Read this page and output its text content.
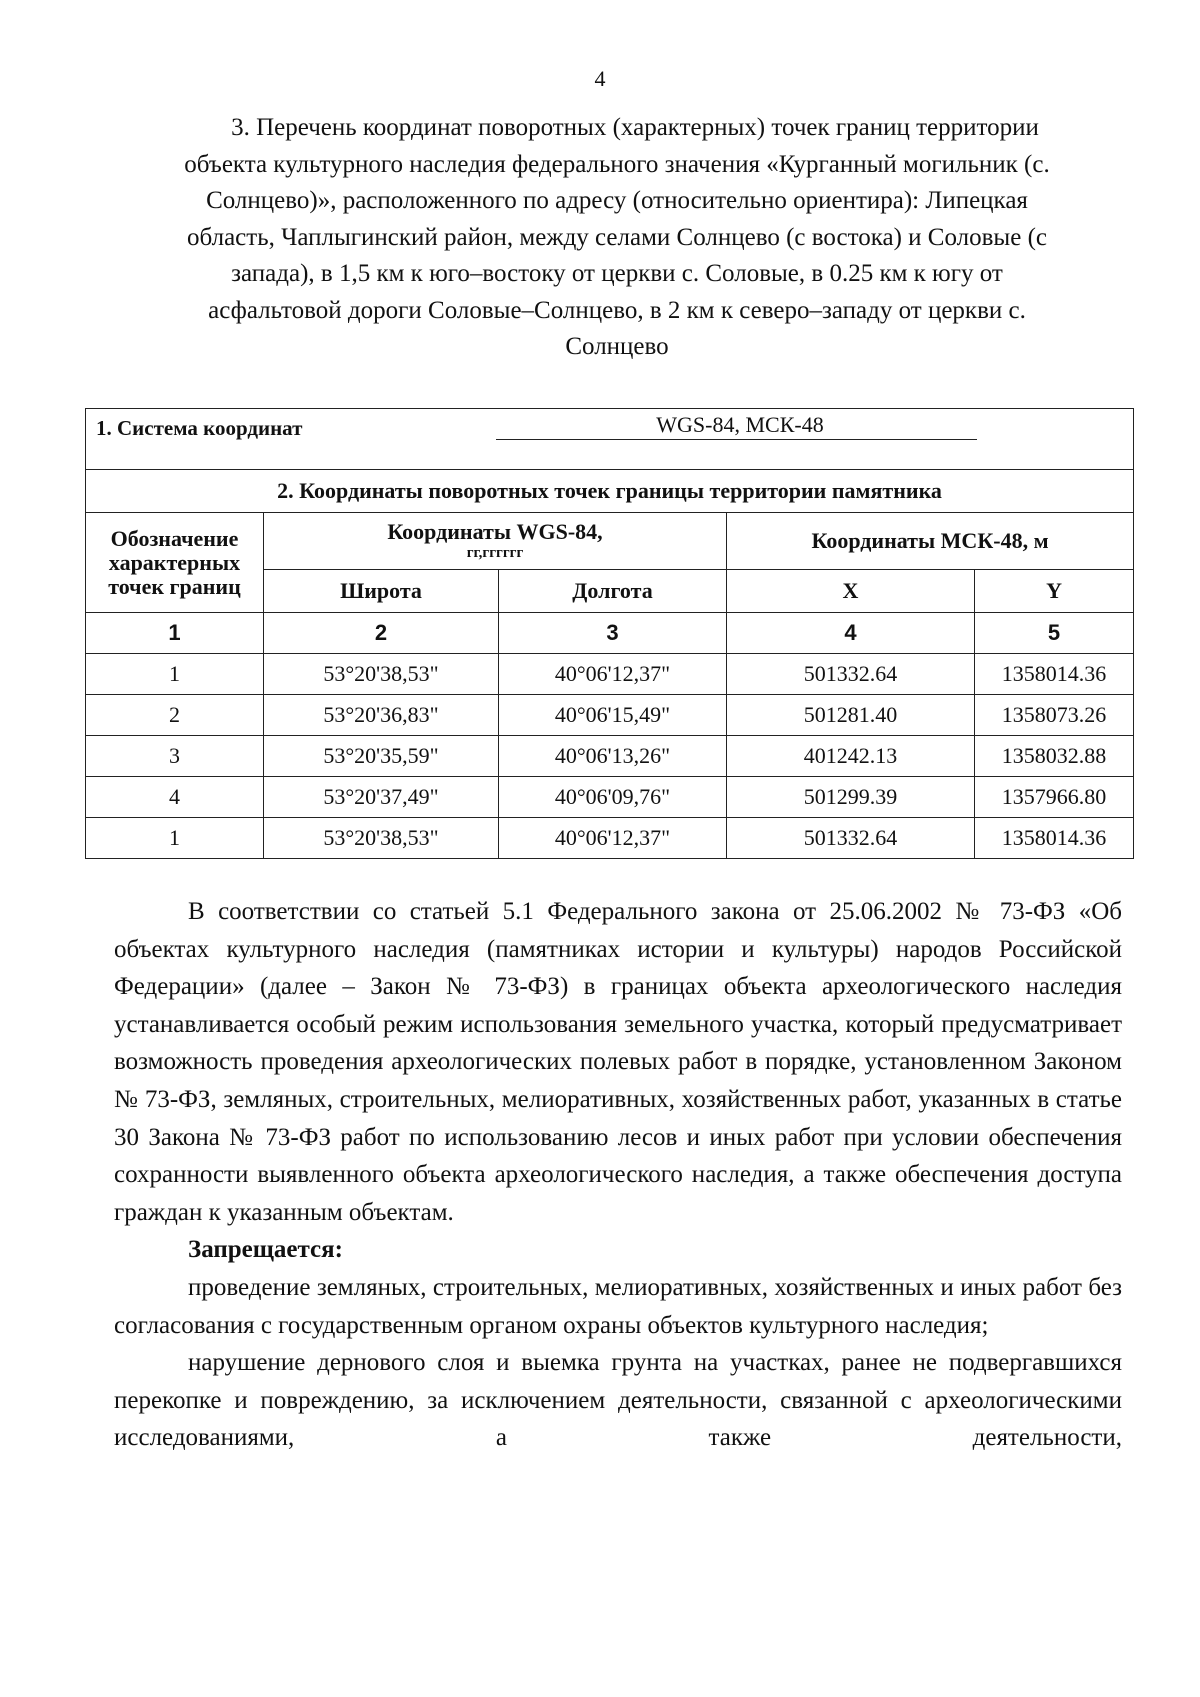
4
3. Перечень координат поворотных (характерных) точек границ территории
объекта культурного наследия федерального значения «Курганный могильник (с.
Солнцево)», расположенного по адресу (относительно ориентира): Липецкая
область, Чаплыгинский район, между селами Солнцево (с востока) и Соловые (с
запада), в 1,5 км к юго–востоку от церкви с. Соловые, в 0.25 км к югу от
асфальтовой дороги Соловые–Солнцево, в 2 км к северо–западу от церкви с.
Солнцево
1. Система координат WGS-84, МСК-48				

2. Координаты поворотных точек границы территории памятника				
Обозначение характерных точек границ	Координаты WGS-84,
гг,гггггг		Координаты МСК-48, м	
	Широта	Долгота	X	Y
1	2	3	4	5
1	53°20'38,53"	40°06'12,37"	501332.64	1358014.36
2	53°20'36,83"	40°06'15,49"	501281.40	1358073.26
3	53°20'35,59"	40°06'13,26"	401242.13	1358032.88
4	53°20'37,49"	40°06'09,76"	501299.39	1357966.80
1	53°20'38,53"	40°06'12,37"	501332.64	1358014.36

В соответствии со статьей 5.1 Федерального закона от 25.06.2002 № 73-ФЗ «Об объектах культурного наследия (памятниках истории и культуры) народов Российской Федерации» (далее – Закон № 73-ФЗ) в границах объекта археологического наследия устанавливается особый режим использования земельного участка, который предусматривает возможность проведения археологических полевых работ в порядке, установленном Законом № 73-ФЗ, земляных, строительных, мелиоративных, хозяйственных работ, указанных в статье 30 Закона № 73-ФЗ работ по использованию лесов и иных работ при условии обеспечения сохранности выявленного объекта археологического наследия, а также обеспечения доступа граждан к указанным объектам.

Запрещается:

проведение земляных, строительных, мелиоративных, хозяйственных и иных работ без согласования с государственным органом охраны объектов культурного наследия;

нарушение дернового слоя и выемка грунта на участках, ранее не подвергавшихся перекопке и повреждению, за исключением деятельности, связанной с археологическими исследованиями, а также деятельности,
